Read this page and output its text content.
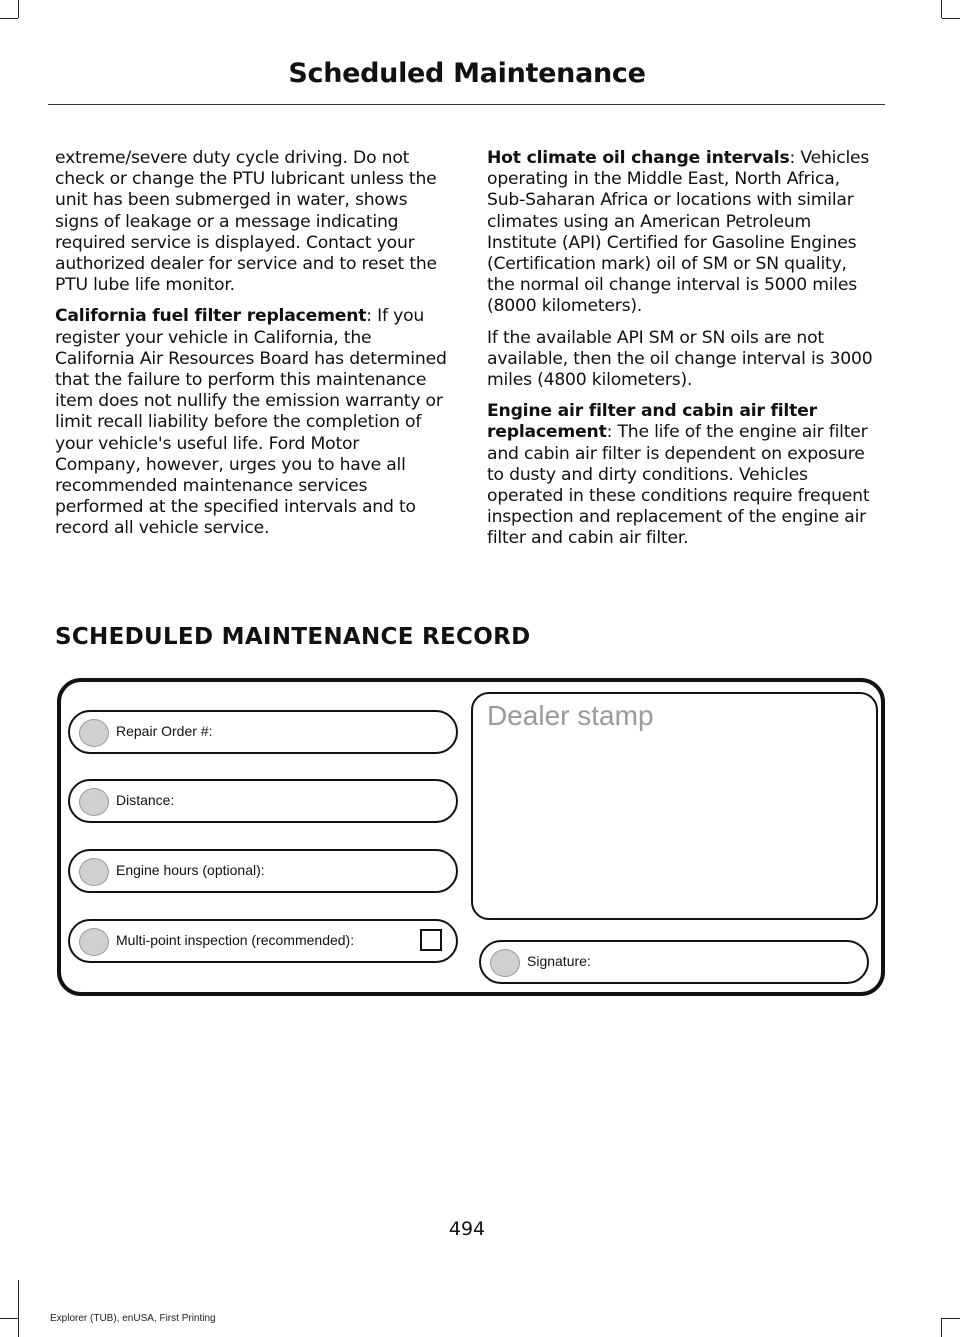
Scheduled Maintenance

extreme/severe duty cycle driving. Do not check or change the PTU lubricant unless the unit has been submerged in water, shows signs of leakage or a message indicating required service is displayed. Contact your authorized dealer for service and to reset the PTU lube life monitor.

California fuel filter replacement: If you register your vehicle in California, the California Air Resources Board has determined that the failure to perform this maintenance item does not nullify the emission warranty or limit recall liability before the completion of your vehicle's useful life. Ford Motor Company, however, urges you to have all recommended maintenance services performed at the specified intervals and to record all vehicle service.

Hot climate oil change intervals: Vehicles operating in the Middle East, North Africa, Sub-Saharan Africa or locations with similar climates using an American Petroleum Institute (API) Certified for Gasoline Engines (Certification mark) oil of SM or SN quality, the normal oil change interval is 5000 miles (8000 kilometers).

If the available API SM or SN oils are not available, then the oil change interval is 3000 miles (4800 kilometers).

Engine air filter and cabin air filter replacement: The life of the engine air filter and cabin air filter is dependent on exposure to dusty and dirty conditions. Vehicles operated in these conditions require frequent inspection and replacement of the engine air filter and cabin air filter.

SCHEDULED MAINTENANCE RECORD
Repair Order #:
Distance:
Engine hours (optional):
Multi-point inspection (recommended):
Dealer stamp
Signature:
494
Explorer (TUB), enUSA, First Printing
